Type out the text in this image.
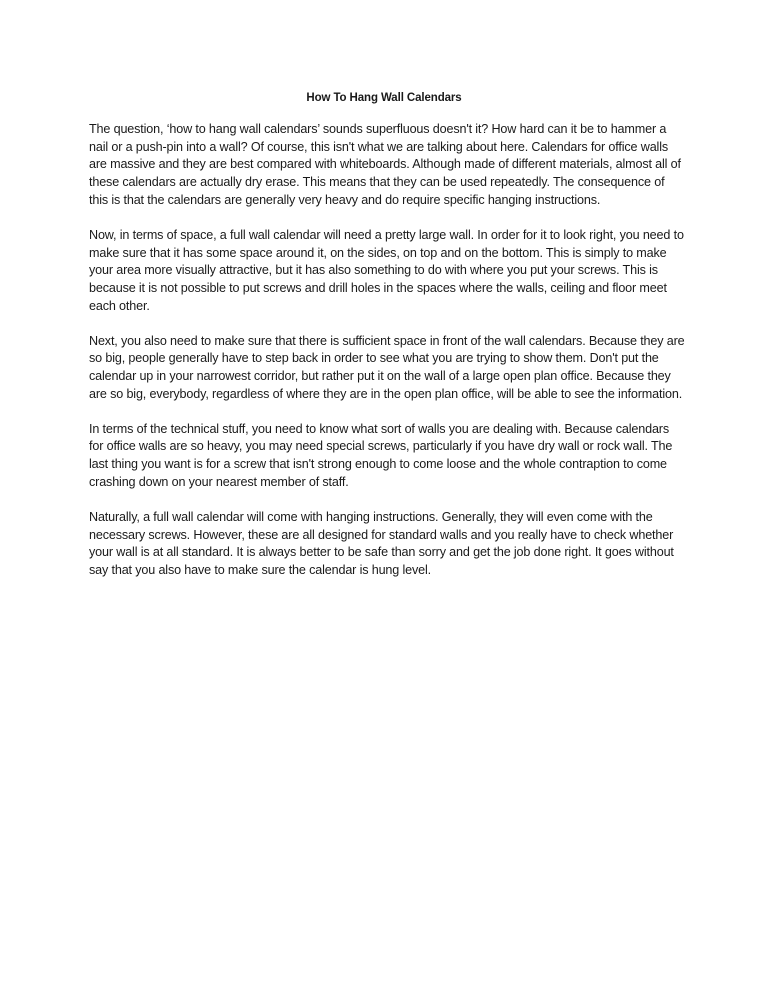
How To Hang Wall Calendars

The question, ‘how to hang wall calendars’ sounds superfluous doesn't it? How hard can it be to hammer a nail or a push-pin into a wall? Of course, this isn't what we are talking about here. Calendars for office walls are massive and they are best compared with whiteboards. Although made of different materials, almost all of these calendars are actually dry erase. This means that they can be used repeatedly. The consequence of this is that the calendars are generally very heavy and do require specific hanging instructions.

Now, in terms of space, a full wall calendar will need a pretty large wall. In order for it to look right, you need to make sure that it has some space around it, on the sides, on top and on the bottom. This is simply to make your area more visually attractive, but it has also something to do with where you put your screws. This is because it is not possible to put screws and drill holes in the spaces where the walls, ceiling and floor meet each other.

Next, you also need to make sure that there is sufficient space in front of the wall calendars. Because they are so big, people generally have to step back in order to see what you are trying to show them. Don't put the calendar up in your narrowest corridor, but rather put it on the wall of a large open plan office. Because they are so big, everybody, regardless of where they are in the open plan office, will be able to see the information.

In terms of the technical stuff, you need to know what sort of walls you are dealing with. Because calendars for office walls are so heavy, you may need special screws, particularly if you have dry wall or rock wall. The last thing you want is for a screw that isn't strong enough to come loose and the whole contraption to come crashing down on your nearest member of staff.

Naturally, a full wall calendar will come with hanging instructions. Generally, they will even come with the necessary screws. However, these are all designed for standard walls and you really have to check whether your wall is at all standard. It is always better to be safe than sorry and get the job done right. It goes without say that you also have to make sure the calendar is hung level.
